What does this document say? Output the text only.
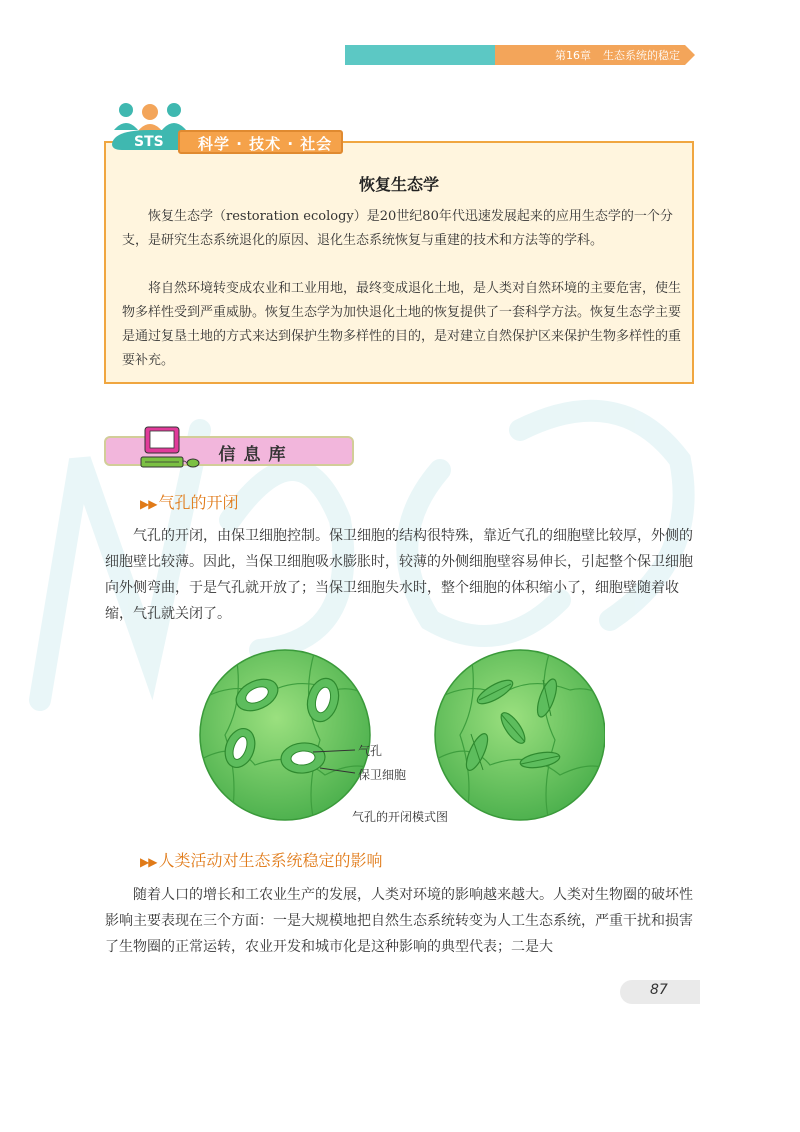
第16章 生态系统的稳定
STS 科学 · 技术 · 社会
恢复生态学

恢复生态学（restoration ecology）是20世纪80年代迅速发展起来的应用生态学的一个分支，是研究生态系统退化的原因、退化生态系统恢复与重建的技术和方法等的学科。

将自然环境转变成农业和工业用地，最终变成退化土地，是人类对自然环境的主要危害，使生物多样性受到严重威胁。恢复生态学为加快退化土地的恢复提供了一套科学方法。恢复生态学主要是通过复垦土地的方式来达到保护生物多样性的目的，是对建立自然保护区来保护生物多样性的重要补充。

信息库
▶▶ 气孔的开闭

气孔的开闭，由保卫细胞控制。保卫细胞的结构很特殊，靠近气孔的细胞壁比较厚，外侧的细胞壁比较薄。因此，当保卫细胞吸水膨胀时，较薄的外侧细胞壁容易伸长，引起整个保卫细胞向外侧弯曲，于是气孔就开放了；当保卫细胞失水时，整个细胞的体积缩小了，细胞壁随着收缩，气孔就关闭了。

气孔
保卫细胞
气孔的开闭模式图
▶▶ 人类活动对生态系统稳定的影响

随着人口的增长和工农业生产的发展，人类对环境的影响越来越大。人类对生物圈的破坏性影响主要表现在三个方面：一是大规模地把自然生态系统转变为人工生态系统，严重干扰和损害了生物圈的正常运转，农业开发和城市化是这种影响的典型代表；二是大

87
